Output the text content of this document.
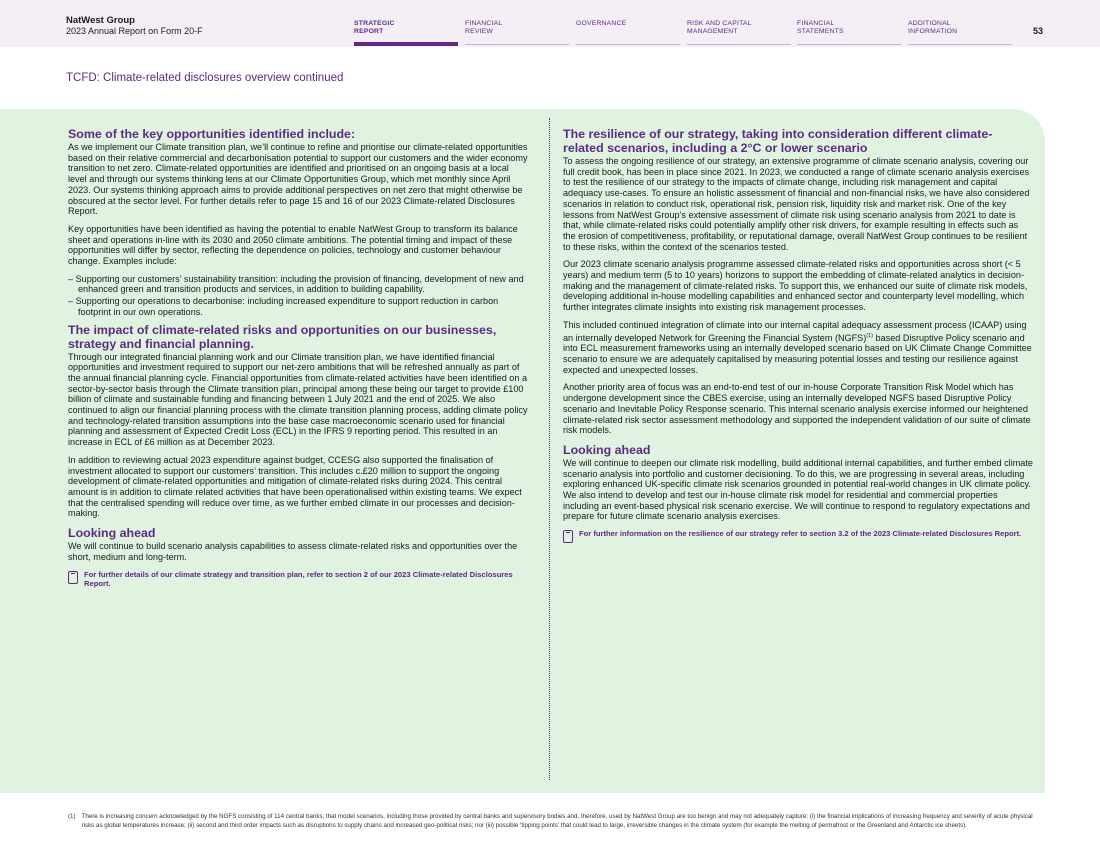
NatWest Group
2023 Annual Report on Form 20-F
STRATEGIC
REPORT
FINANCIAL
REVIEW
GOVERNANCE	RISK AND CAPITAL
MANAGEMENT
FINANCIAL
STATEMENTS
ADDITIONAL
INFORMATION	53
TCFD: Climate-related disclosures overview continued
Some of the key opportunities identified include:

As we implement our Climate transition plan, we’ll continue to refine and prioritise our climate-related opportunities based on their relative commercial and decarbonisation potential to support our customers and the wider economy transition to net zero. Climate-related opportunities are identified and prioritised on an ongoing basis at a local level and through our systems thinking lens at our Climate Opportunities Group, which met monthly since April 2023. Our systems thinking approach aims to provide additional perspectives on net zero that might otherwise be obscured at the sector level. For further details refer to page 15 and 16 of our 2023 Climate-related Disclosures Report.

Key opportunities have been identified as having the potential to enable NatWest Group to transform its balance sheet and operations in-line with its 2030 and 2050 climate ambitions. The potential timing and impact of these opportunities will differ by sector, reflecting the dependence on policies, technology and customer behaviour change. Examples include:

– Supporting our customers’ sustainability transition: including the provision of financing, development of new and enhanced green and transition products and services, in addition to building capability.
– Supporting our operations to decarbonise: including increased expenditure to support reduction in carbon footprint in our own operations.
The impact of climate-related risks and opportunities on our businesses, strategy and financial planning.

Through our integrated financial planning work and our Climate transition plan, we have identified financial opportunities and investment required to support our net-zero ambitions that will be refreshed annually as part of the annual financial planning cycle. Financial opportunities from climate-related activities have been identified on a sector-by-sector basis through the Climate transition plan, principal among these being our target to provide £100 billion of climate and sustainable funding and financing between 1 July 2021 and the end of 2025. We also continued to align our financial planning process with the climate transition planning process, adding climate policy and technology-related transition assumptions into the base case macroeconomic scenario used for financial planning and assessment of Expected Credit Loss (ECL) in the IFRS 9 reporting period. This resulted in an increase in ECL of £6 million as at December 2023.

In addition to reviewing actual 2023 expenditure against budget, CCESG also supported the finalisation of investment allocated to support our customers’ transition. This includes c.£20 million to support the ongoing development of climate-related opportunities and mitigation of climate-related risks during 2024. This central amount is in addition to climate related activities that have been operationalised within existing teams. We expect that the centralised spending will reduce over time, as we further embed climate in our processes and decision-making.

Looking ahead

We will continue to build scenario analysis capabilities to assess climate-related risks and opportunities over the short, medium and long-term.

For further details of our climate strategy and transition plan, refer to section 2 of our 2023 Climate-related Disclosures Report.
The resilience of our strategy, taking into consideration different climate-related scenarios, including a 2°C or lower scenario

To assess the ongoing resilience of our strategy, an extensive programme of climate scenario analysis, covering our full credit book, has been in place since 2021. In 2023, we conducted a range of climate scenario analysis exercises to test the resilience of our strategy to the impacts of climate change, including risk management and capital adequacy use-cases. To ensure an holistic assessment of financial and non-financial risks, we have also considered scenarios in relation to conduct risk, operational risk, pension risk, liquidity risk and market risk. One of the key lessons from NatWest Group’s extensive assessment of climate risk using scenario analysis from 2021 to date is that, while climate-related risks could potentially amplify other risk drivers, for example resulting in effects such as the erosion of competitiveness, profitability, or reputational damage, overall NatWest Group continues to be resilient to these risks, within the context of the scenarios tested.

Our 2023 climate scenario analysis programme assessed climate-related risks and opportunities across short (< 5 years) and medium term (5 to 10 years) horizons to support the embedding of climate-related analytics in decision-making and the management of climate-related risks. To support this, we enhanced our suite of climate risk models, developing additional in-house modelling capabilities and enhanced sector and counterparty level modelling, which further integrates climate insights into existing risk management processes.

This included continued integration of climate into our internal capital adequacy assessment process (ICAAP) using an internally developed Network for Greening the Financial System (NGFS)$^{(1)}$ based Disruptive Policy scenario and into ECL measurement frameworks using an internally developed scenario based on UK Climate Change Committee scenario to ensure we are adequately capitalised by measuring potential losses and testing our resilience against expected and unexpected losses.

Another priority area of focus was an end-to-end test of our in-house Corporate Transition Risk Model which has undergone development since the CBES exercise, using an internally developed NGFS based Disruptive Policy scenario and Inevitable Policy Response scenario. This internal scenario analysis exercise informed our heightened climate-related risk sector assessment methodology and supported the independent validation of our suite of climate risk models.

Looking ahead

We will continue to deepen our climate risk modelling, build additional internal capabilities, and further embed climate scenario analysis into portfolio and customer decisioning. To do this, we are progressing in several areas, including exploring enhanced UK-specific climate risk scenarios grounded in potential real-world changes in UK climate policy. We also intend to develop and test our in-house climate risk model for residential and commercial properties including an event-based physical risk scenario exercise. We will continue to respond to regulatory expectations and prepare for future climate scenario analysis exercises.

For further information on the resilience of our strategy refer to section 3.2 of the 2023 Climate-related Disclosures Report.
(1) There is increasing concern acknowledged by the NGFS consisting of 114 central banks, that model scenarios, including those provided by central banks and supervisory bodies and, therefore, used by NatWest Group are too benign and may not adequately capture: (i) the financial implications of increasing frequency and severity of acute physical risks as global temperatures increase; (ii) second and third order impacts such as disruptions to supply chains and increased geo-political risks; nor (iii) possible ‘tipping points’ that could lead to large, irreversible changes in the climate system (for example the melting of permafrost or the Greenland and Antarctic ice sheets).
